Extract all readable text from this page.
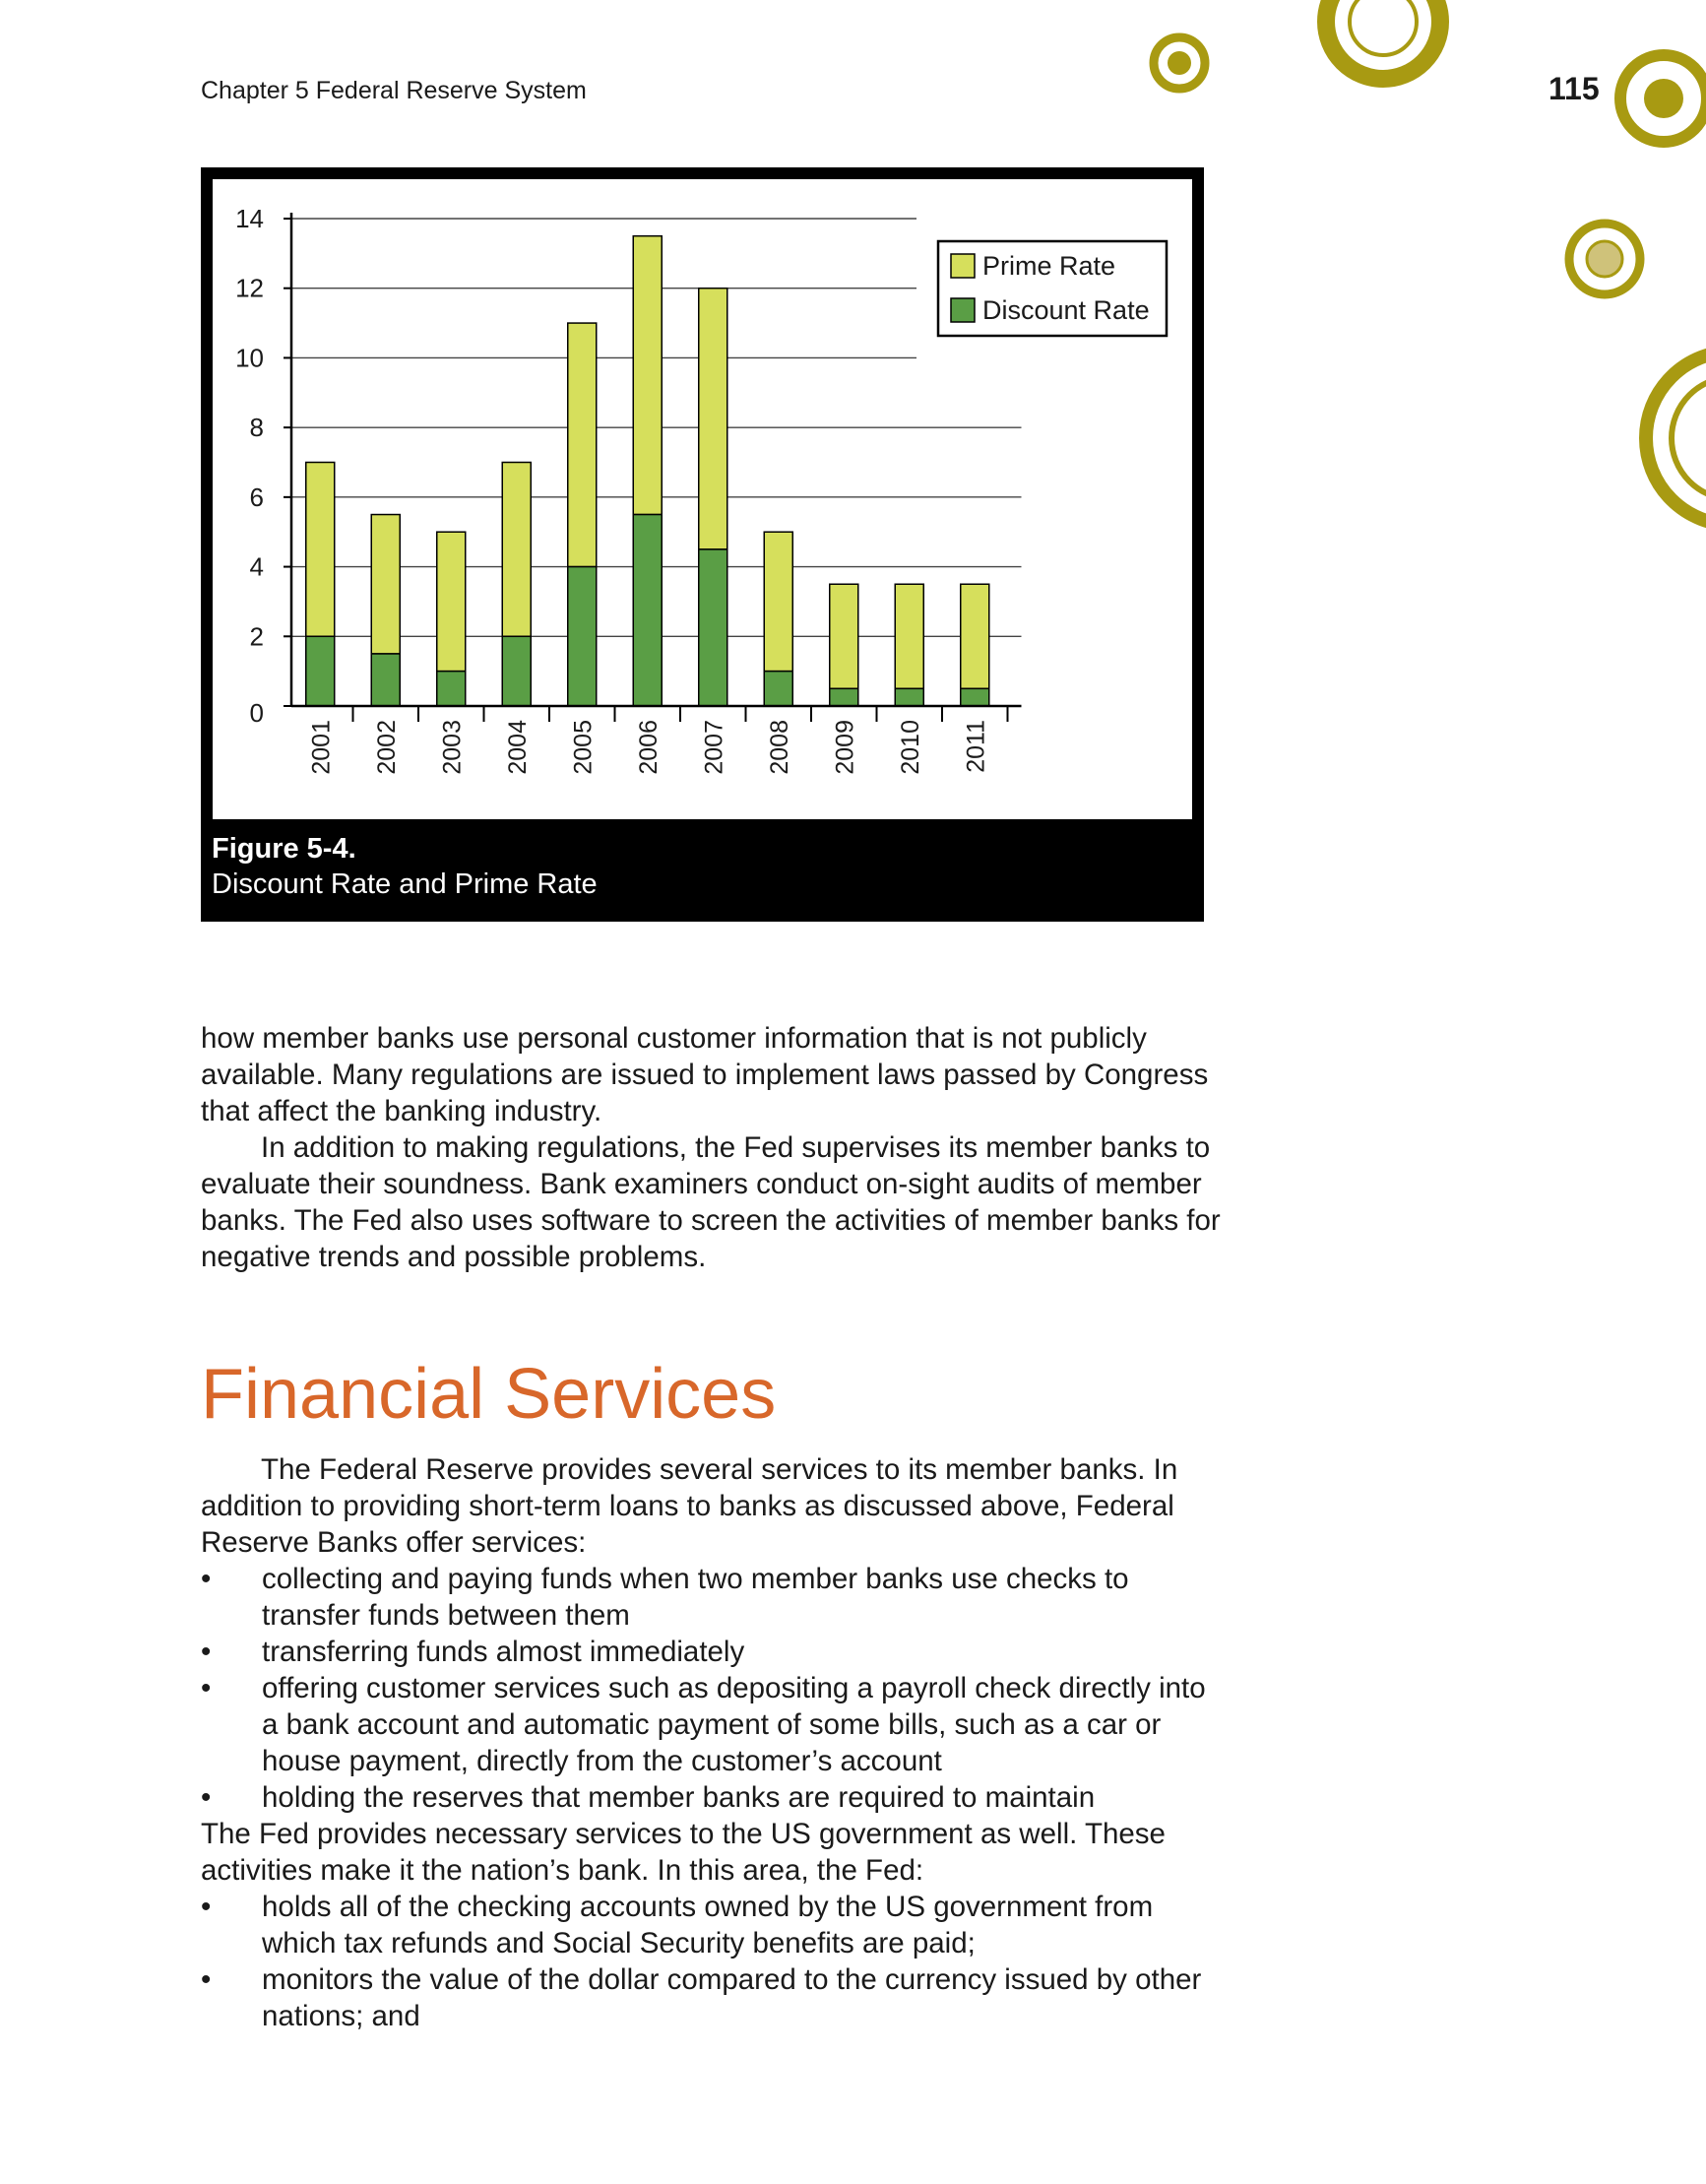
Chapter 5 Federal Reserve System	115
0
2
4
6
8
10
12
14
2001 2002 2003 2004 2005 2006 2007 2008 2009 2010 2011
Prime Rate
Discount Rate
Figure 5-4.
Discount Rate and Prime Rate

how member banks use personal customer information that is not publicly available. Many regulations are issued to implement laws passed by Congress that affect the banking industry.

In addition to making regulations, the Fed supervises its member banks to evaluate their soundness. Bank examiners conduct on-sight audits of member banks. The Fed also uses software to screen the activities of member banks for negative trends and possible problems.

Financial Services

The Federal Reserve provides several services to its member banks. In addition to providing short-term loans to banks as discussed above, Federal Reserve Banks offer services:

• collecting and paying funds when two member banks use checks to transfer funds between them

• transferring funds almost immediately

• offering customer services such as depositing a payroll check directly into a bank account and automatic payment of some bills, such as a car or house payment, directly from the customer’s account

• holding the reserves that member banks are required to maintain

The Fed provides necessary services to the US government as well. These activities make it the nation’s bank. In this area, the Fed:

• holds all of the checking accounts owned by the US government from which tax refunds and Social Security benefits are paid;

• monitors the value of the dollar compared to the currency issued by other nations; and
